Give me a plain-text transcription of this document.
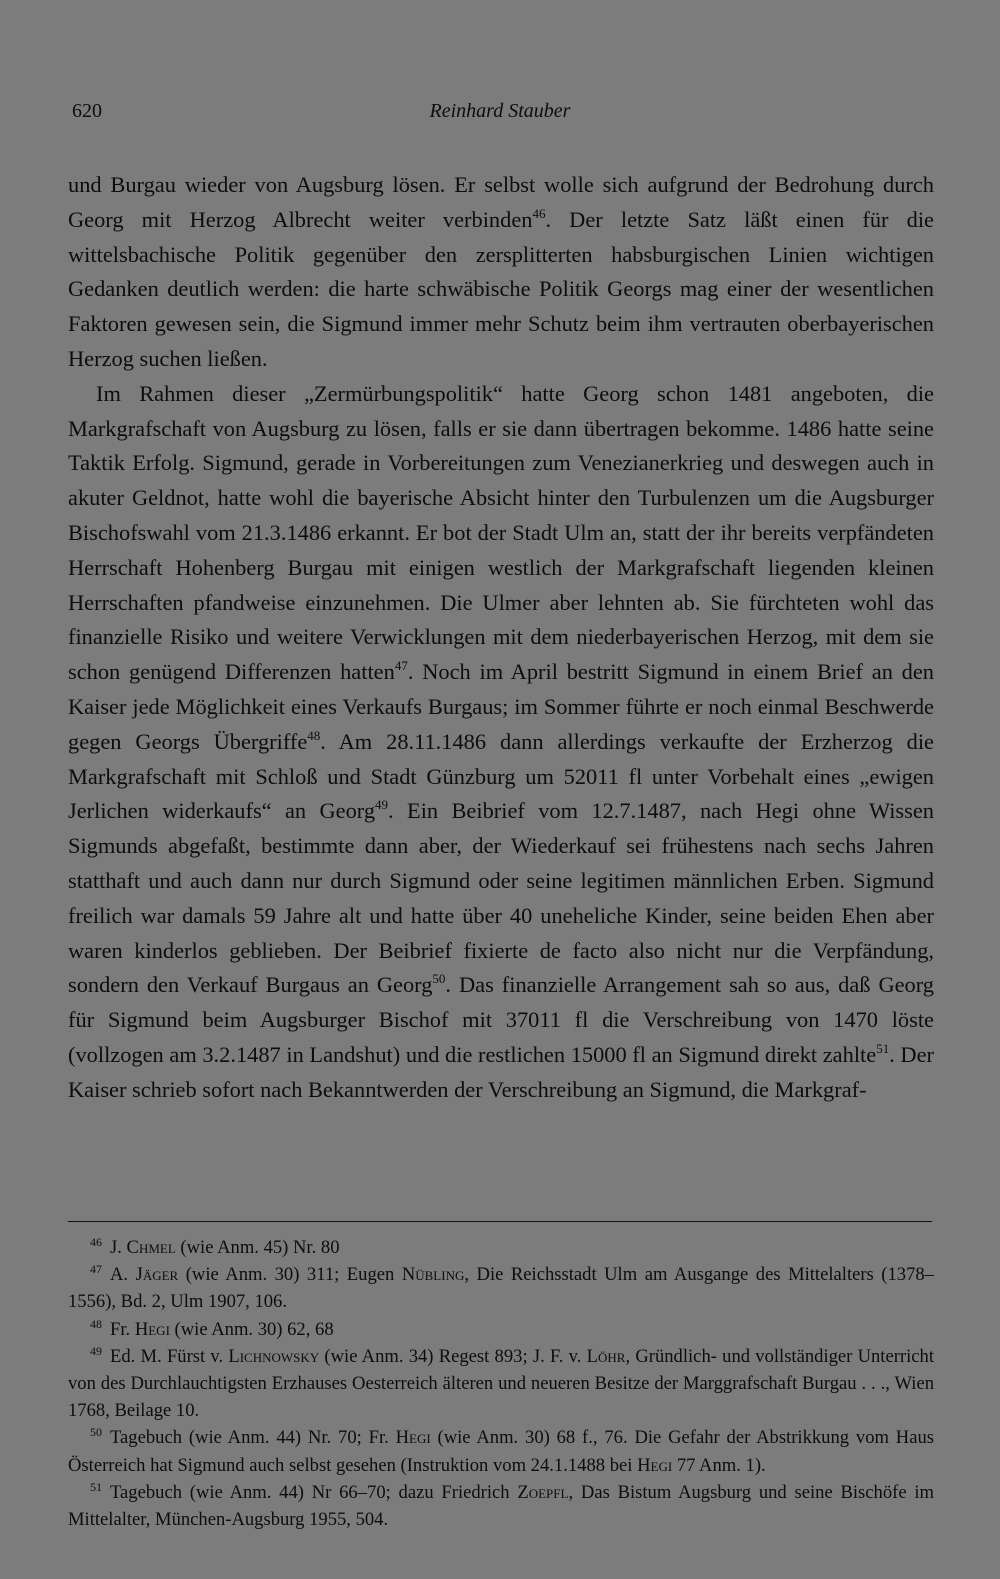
620	Reinhard Stauber

und Burgau wieder von Augsburg lösen. Er selbst wolle sich aufgrund der Bedrohung durch Georg mit Herzog Albrecht weiter verbinden$^{46}$. Der letzte Satz läßt einen für die wittelsbachische Politik gegenüber den zersplitterten habsburgischen Linien wichtigen Gedanken deutlich werden: die harte schwäbische Politik Georgs mag einer der wesentlichen Faktoren gewesen sein, die Sigmund immer mehr Schutz beim ihm vertrauten oberbayerischen Herzog suchen ließen.

Im Rahmen dieser „Zermürbungspolitik“ hatte Georg schon 1481 angeboten, die Markgrafschaft von Augsburg zu lösen, falls er sie dann übertragen bekomme. 1486 hatte seine Taktik Erfolg. Sigmund, gerade in Vorbereitungen zum Venezianerkrieg und deswegen auch in akuter Geldnot, hatte wohl die bayerische Absicht hinter den Turbulenzen um die Augsburger Bischofswahl vom 21.3.1486 erkannt. Er bot der Stadt Ulm an, statt der ihr bereits verpfändeten Herrschaft Hohenberg Burgau mit einigen westlich der Markgrafschaft liegenden kleinen Herrschaften pfandweise einzunehmen. Die Ulmer aber lehnten ab. Sie fürchteten wohl das finanzielle Risiko und weitere Verwicklungen mit dem niederbayerischen Herzog, mit dem sie schon genügend Differenzen hatten$^{47}$. Noch im April bestritt Sigmund in einem Brief an den Kaiser jede Möglichkeit eines Verkaufs Burgaus; im Sommer führte er noch einmal Beschwerde gegen Georgs Übergriffe$^{48}$. Am 28.11.1486 dann allerdings verkaufte der Erzherzog die Markgrafschaft mit Schloß und Stadt Günzburg um 52011 fl unter Vorbehalt eines „ewigen Jerlichen widerkaufs“ an Georg$^{49}$. Ein Beibrief vom 12.7.1487, nach Hegi ohne Wissen Sigmunds abgefaßt, bestimmte dann aber, der Wiederkauf sei frühestens nach sechs Jahren statthaft und auch dann nur durch Sigmund oder seine legitimen männlichen Erben. Sigmund freilich war damals 59 Jahre alt und hatte über 40 uneheliche Kinder, seine beiden Ehen aber waren kinderlos geblieben. Der Beibrief fixierte de facto also nicht nur die Verpfändung, sondern den Verkauf Burgaus an Georg$^{50}$. Das finanzielle Arrangement sah so aus, daß Georg für Sigmund beim Augsburger Bischof mit 37011 fl die Verschreibung von 1470 löste (vollzogen am 3.2.1487 in Landshut) und die restlichen 15000 fl an Sigmund direkt zahlte$^{51}$. Der Kaiser schrieb sofort nach Bekanntwerden der Verschreibung an Sigmund, die Markgraf-

$^{46}$ J. Chmel (wie Anm. 45) Nr. 80

$^{47}$ A. Jäger (wie Anm. 30) 311; Eugen Nübling, Die Reichsstadt Ulm am Ausgange des Mittelalters (1378–1556), Bd. 2, Ulm 1907, 106.

$^{48}$ Fr. Hegi (wie Anm. 30) 62, 68

$^{49}$ Ed. M. Fürst v. Lichnowsky (wie Anm. 34) Regest 893; J. F. v. Löhr, Gründlich- und vollständiger Unterricht von des Durchlauchtigsten Erzhauses Oesterreich älteren und neueren Besitze der Marggrafschaft Burgau . . ., Wien 1768, Beilage 10.

$^{50}$ Tagebuch (wie Anm. 44) Nr. 70; Fr. Hegi (wie Anm. 30) 68 f., 76. Die Gefahr der Abstrikkung vom Haus Österreich hat Sigmund auch selbst gesehen (Instruktion vom 24.1.1488 bei Hegi 77 Anm. 1).

$^{51}$ Tagebuch (wie Anm. 44) Nr 66–70; dazu Friedrich Zoepfl, Das Bistum Augsburg und seine Bischöfe im Mittelalter, München-Augsburg 1955, 504.
